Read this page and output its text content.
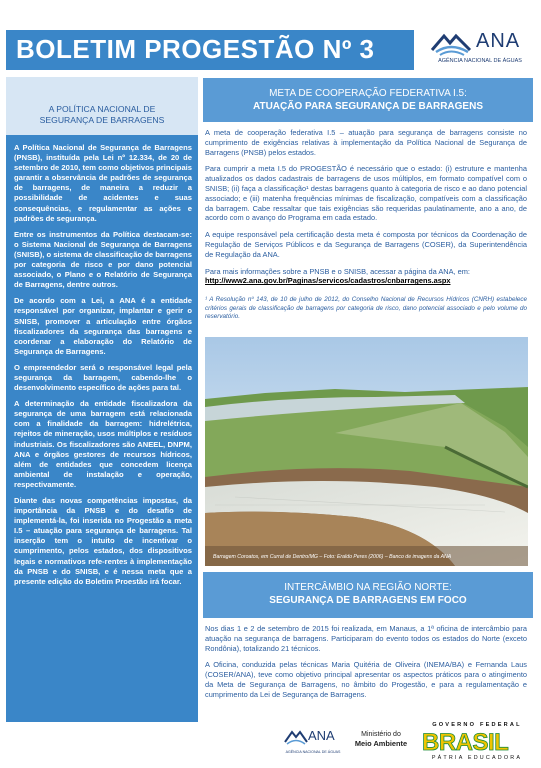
BOLETIM PROGESTÃO Nº 3	ANA
AGÊNCIA NACIONAL DE ÁGUAS
A POLÍTICA NACIONAL DE
SEGURANÇA DE BARRAGENS

A Política Nacional de Segurança de Barragens (PNSB), instituída pela Lei nº 12.334, de 20 de setembro de 2010, tem como objetivos principais garantir a observância de padrões de segurança de barragens, de maneira a reduzir a possibilidade de acidentes e suas consequências, e regulamentar as ações e padrões de segurança.

Entre os instrumentos da Política destacam-se: o Sistema Nacional de Segurança de Barragens (SNISB), o sistema de classificação de barragens por categoria de risco e por dano potencial associado, o Plano e o Relatório de Segurança de Barragens, dentre outros.

De acordo com a Lei, a ANA é a entidade responsável por organizar, implantar e gerir o SNISB, promover a articulação entre órgãos fiscalizadores da segurança das barragens e coordenar a elaboração do Relatório de Segurança de Barragens.

O empreendedor será o responsável legal pela segurança da barragem, cabendo-lhe o desenvolvimento específico de ações para tal.

A determinação da entidade fiscalizadora da segurança de uma barragem está relacionada com a finalidade da barragem: hidrelétrica, rejeitos de mineração, usos múltiplos e resíduos industriais. Os fiscalizadores são ANEEL, DNPM, ANA e órgãos gestores de recursos hídricos, além de entidades que concedem licença ambiental de instalação e operação, respectivamente.

Diante das novas competências impostas, da importância da PNSB e do desafio de implementá-la, foi inserida no Progestão a meta I.5 – atuação para segurança de barragens. Tal inserção tem o intuito de incentivar o cumprimento, pelos estados, dos dispositivos legais e normativos refe-rentes à implementação da PNSB e do SNISB, e é nessa meta que a presente edição do Boletim Proestão irá focar.

META DE COOPERAÇÃO FEDERATIVA I.5:
ATUAÇÃO PARA SEGURANÇA DE BARRAGENS

A meta de cooperação federativa I.5 – atuação para segurança de barragens consiste no cumprimento de exigências relativas à implementação da Política Nacional de Segurança de Barragens (PNSB) pelos estados.

Para cumprir a meta I.5 do PROGESTÃO é necessário que o estado: (i) estruture e mantenha atualizados os dados cadastrais de barragens de usos múltiplos, em formato compatível com o SNISB; (ii) faça a classificação¹ destas barragens quanto à categoria de risco e ao dano potencial associado; e (iii) matenha frequências mínimas de fiscalização, compatíveis com a classificação da barragem. Cabe ressaltar que tais exigências são requeridas paulatinamente, ano a ano, de acordo com o avanço do Programa em cada estado.

A equipe responsável pela certificação desta meta é composta por técnicos da Coordenação de Regulação de Serviços Públicos e da Segurança de Barragens (COSER), da Superintendência de Regulação da ANA.

Para mais informações sobre a PNSB e o SNISB, acessar a página da ANA, em:
http://www2.ana.gov.br/Paginas/servicos/cadastros/cnbarragens.aspx

¹ A Resolução nº 143, de 10 de julho de 2012, do Conselho Nacional de Recursos Hídricos (CNRH) estabelece critérios gerais de classificação de barragens por categoria de risco, dano potencial associado e pelo volume do reservatório.

Barragem Coroatos, em Curral de Dentro/MG – Foto: Eraldo Peres (2006) – Banco de imagens da ANA
INTERCÂMBIO NA REGIÃO NORTE:
SEGURANÇA DE BARRAGENS EM FOCO

Nos dias 1 e 2 de setembro de 2015 foi realizada, em Manaus, a 1ª oficina de intercâmbio para atuação na segurança de barragens. Participaram do evento todos os estados do Norte (exceto Rondônia), totalizando 21 técnicos.

A Oficina, conduzida pelas técnicas Maria Quitéria de Oliveira (INEMA/BA) e Fernanda Laus (COSER/ANA), teve como objetivo principal apresentar os aspectos práticos para o atingimento da Meta de Segurança de Barragens, no âmbito do Progestão, e para a regulamentação e cumprimento da Lei de Segurança de Barragens.

ANA
AGÊNCIA NACIONAL DE ÁGUAS
Ministério do
Meio Ambiente
GOVERNO FEDERAL
BRASIL
PÁTRIA EDUCADORA
